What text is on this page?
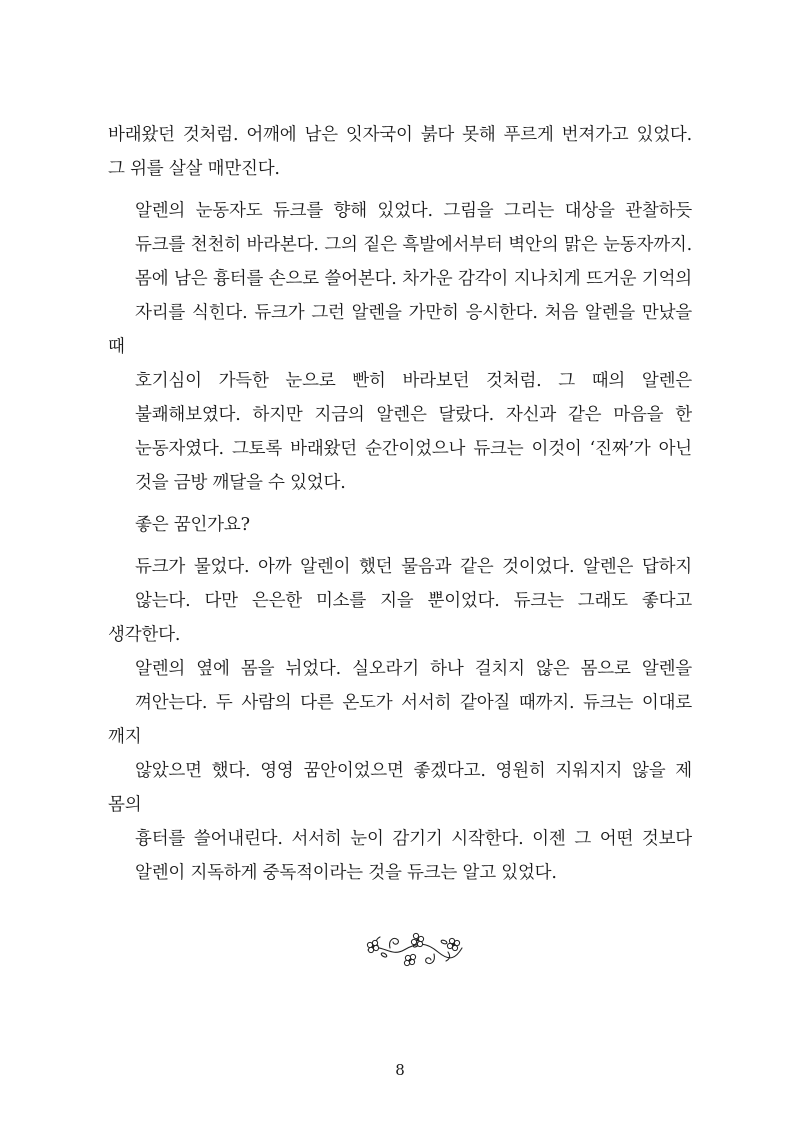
바래왔던 것처럼. 어깨에 남은 잇자국이 붉다 못해 푸르게 번져가고 있었다.
그 위를 살살 매만진다.
알렌의 눈동자도 듀크를 향해 있었다. 그림을 그리는 대상을 관찰하듯
듀크를 천천히 바라본다. 그의 짙은 흑발에서부터 벽안의 맑은 눈동자까지.
몸에 남은 흉터를 손으로 쓸어본다. 차가운 감각이 지나치게 뜨거운 기억의
자리를 식힌다. 듀크가 그런 알렌을 가만히 응시한다. 처음 알렌을 만났을 때
호기심이 가득한 눈으로 빤히 바라보던 것처럼. 그 때의 알렌은
불쾌해보였다. 하지만 지금의 알렌은 달랐다. 자신과 같은 마음을 한
눈동자였다. 그토록 바래왔던 순간이었으나 듀크는 이것이 ‘진짜’가 아닌
것을 금방 깨달을 수 있었다.
좋은 꿈인가요?
듀크가 물었다. 아까 알렌이 했던 물음과 같은 것이었다. 알렌은 답하지
않는다. 다만 은은한 미소를 지을 뿐이었다. 듀크는 그래도 좋다고 생각한다.
알렌의 옆에 몸을 뉘었다. 실오라기 하나 걸치지 않은 몸으로 알렌을
껴안는다. 두 사람의 다른 온도가 서서히 같아질 때까지. 듀크는 이대로 깨지
않았으면 했다. 영영 꿈안이었으면 좋겠다고. 영원히 지워지지 않을 제 몸의
흉터를 쓸어내린다. 서서히 눈이 감기기 시작한다. 이젠 그 어떤 것보다
알렌이 지독하게 중독적이라는 것을 듀크는 알고 있었다.
8
